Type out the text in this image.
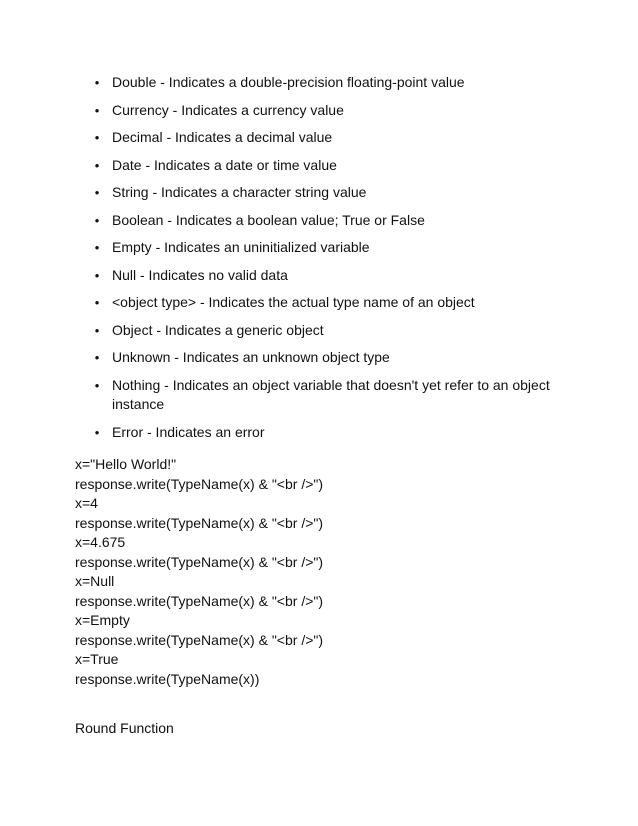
• Double - Indicates a double-precision floating-point value
• Currency - Indicates a currency value
• Decimal - Indicates a decimal value
• Date - Indicates a date or time value
• String - Indicates a character string value
• Boolean - Indicates a boolean value; True or False
• Empty - Indicates an uninitialized variable
• Null - Indicates no valid data
• <object type> - Indicates the actual type name of an object
• Object - Indicates a generic object
• Unknown - Indicates an unknown object type
• Nothing - Indicates an object variable that doesn't yet refer to an object instance
• Error - Indicates an error
x="Hello World!"
response.write(TypeName(x) & "<br />")
x=4
response.write(TypeName(x) & "<br />")
x=4.675
response.write(TypeName(x) & "<br />")
x=Null
response.write(TypeName(x) & "<br />")
x=Empty
response.write(TypeName(x) & "<br />")
x=True
response.write(TypeName(x))
Round Function
